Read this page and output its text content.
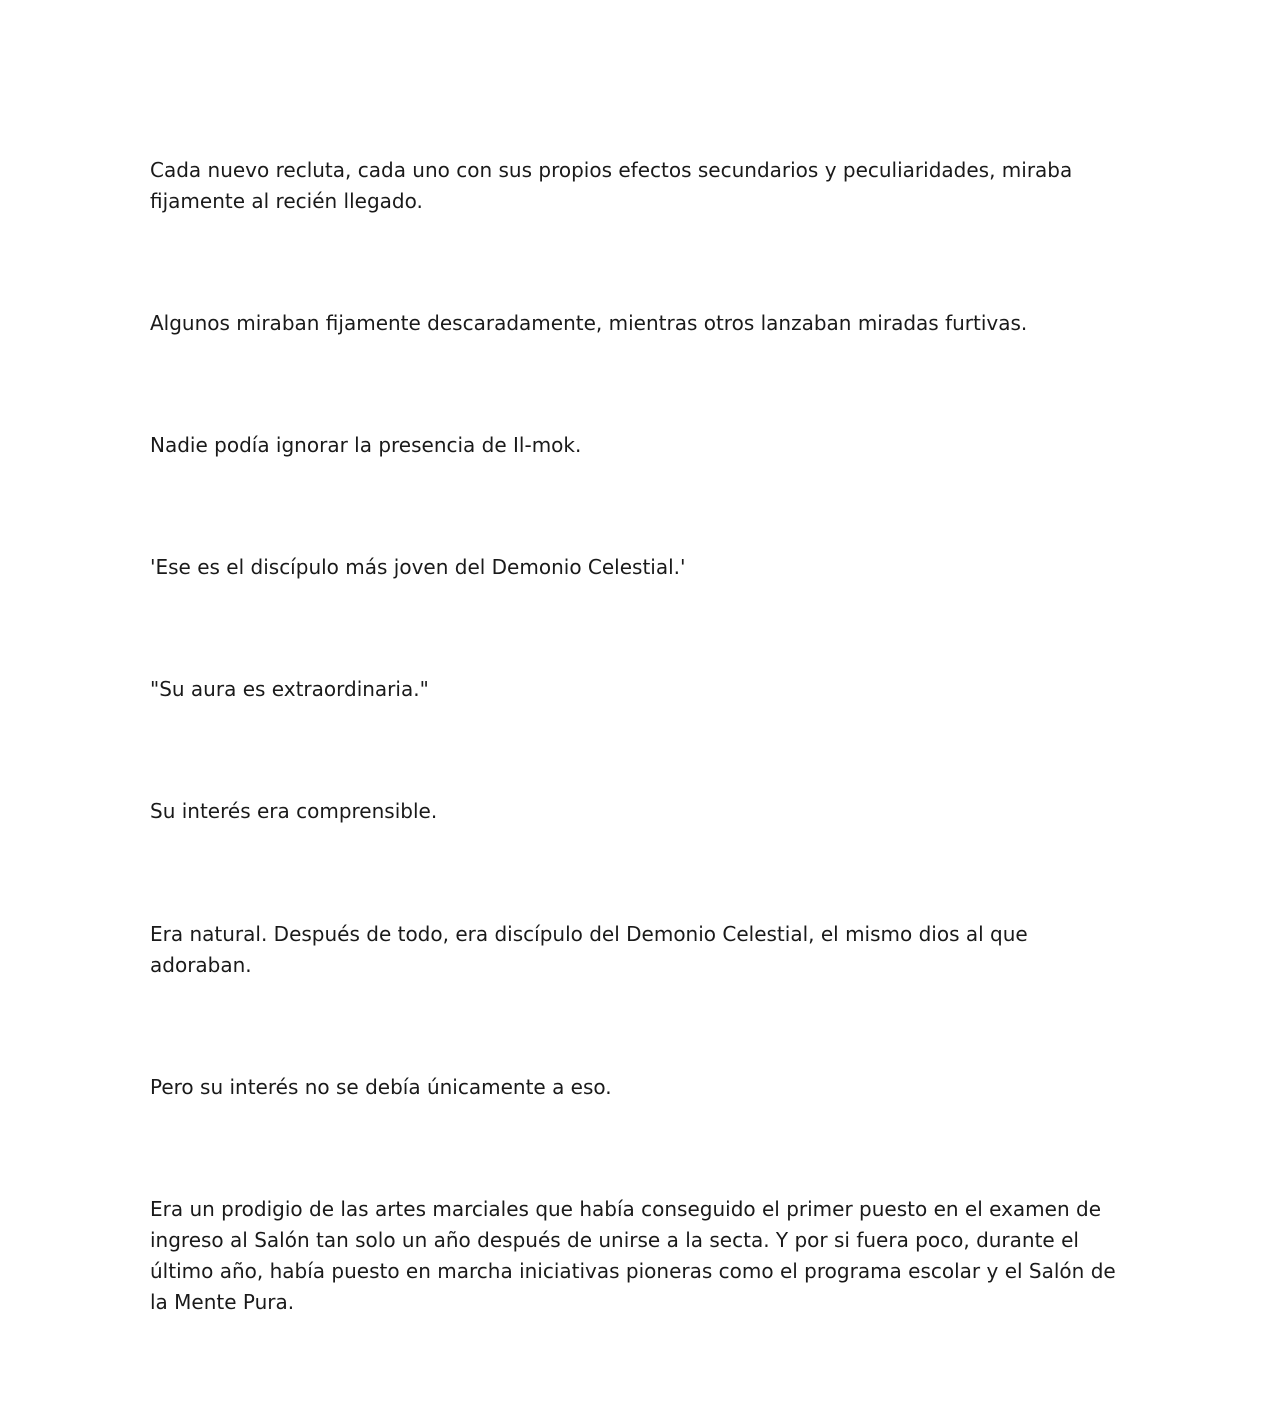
Cada nuevo recluta, cada uno con sus propios efectos secundarios y peculiaridades, miraba fijamente al recién llegado.

Algunos miraban fijamente descaradamente, mientras otros lanzaban miradas furtivas.

Nadie podía ignorar la presencia de Il-mok.

'Ese es el discípulo más joven del Demonio Celestial.'

"Su aura es extraordinaria."

Su interés era comprensible.

Era natural. Después de todo, era discípulo del Demonio Celestial, el mismo dios al que adoraban.

Pero su interés no se debía únicamente a eso.

Era un prodigio de las artes marciales que había conseguido el primer puesto en el examen de ingreso al Salón tan solo un año después de unirse a la secta. Y por si fuera poco, durante el último año, había puesto en marcha iniciativas pioneras como el programa escolar y el Salón de la Mente Pura.
